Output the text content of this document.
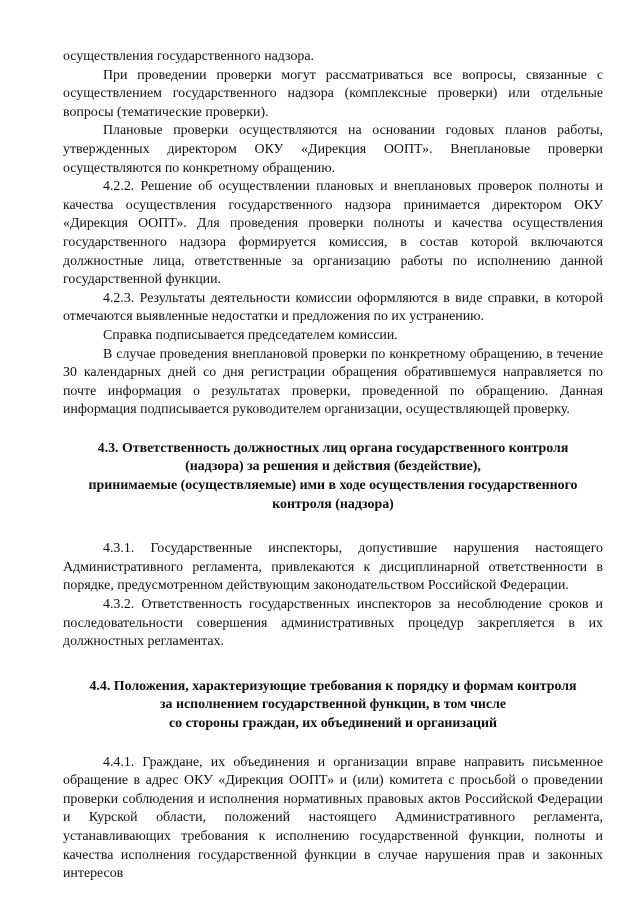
осуществления государственного надзора.

При проведении проверки могут рассматриваться все вопросы, связанные с осуществлением государственного надзора (комплексные проверки) или отдельные вопросы (тематические проверки).

Плановые проверки осуществляются на основании годовых планов работы, утвержденных директором ОКУ «Дирекция ООПТ». Внеплановые проверки осуществляются по конкретному обращению.

4.2.2. Решение об осуществлении плановых и внеплановых проверок полноты и качества осуществления государственного надзора принимается директором ОКУ «Дирекция ООПТ». Для проведения проверки полноты и качества осуществления государственного надзора формируется комиссия, в состав которой включаются должностные лица, ответственные за организацию работы по исполнению данной государственной функции.

4.2.3. Результаты деятельности комиссии оформляются в виде справки, в которой отмечаются выявленные недостатки и предложения по их устранению.

Справка подписывается председателем комиссии.

В случае проведения внеплановой проверки по конкретному обращению, в течение 30 календарных дней со дня регистрации обращения обратившемуся направляется по почте информация о результатах проверки, проведенной по обращению. Данная информация подписывается руководителем организации, осуществляющей проверку.

4.3. Ответственность должностных лиц органа государственного контроля

(надзора) за решения и действия (бездействие),

принимаемые (осуществляемые) ими в ходе осуществления государственного

контроля (надзора)

4.3.1. Государственные инспекторы, допустившие нарушения настоящего Административного регламента, привлекаются к дисциплинарной ответственности в порядке, предусмотренном действующим законодательством Российской Федерации.

4.3.2. Ответственность государственных инспекторов за несоблюдение сроков и последовательности совершения административных процедур закрепляется в их должностных регламентах.

4.4. Положения, характеризующие требования к порядку и формам контроля

за исполнением государственной функции, в том числе

со стороны граждан, их объединений и организаций

4.4.1. Граждане, их объединения и организации вправе направить письменное обращение в адрес ОКУ «Дирекция ООПТ» и (или) комитета с просьбой о проведении проверки соблюдения и исполнения нормативных правовых актов Российской Федерации и Курской области, положений настоящего Административного регламента, устанавливающих требования к исполнению государственной функции, полноты и качества исполнения государственной функции в случае нарушения прав и законных интересов
